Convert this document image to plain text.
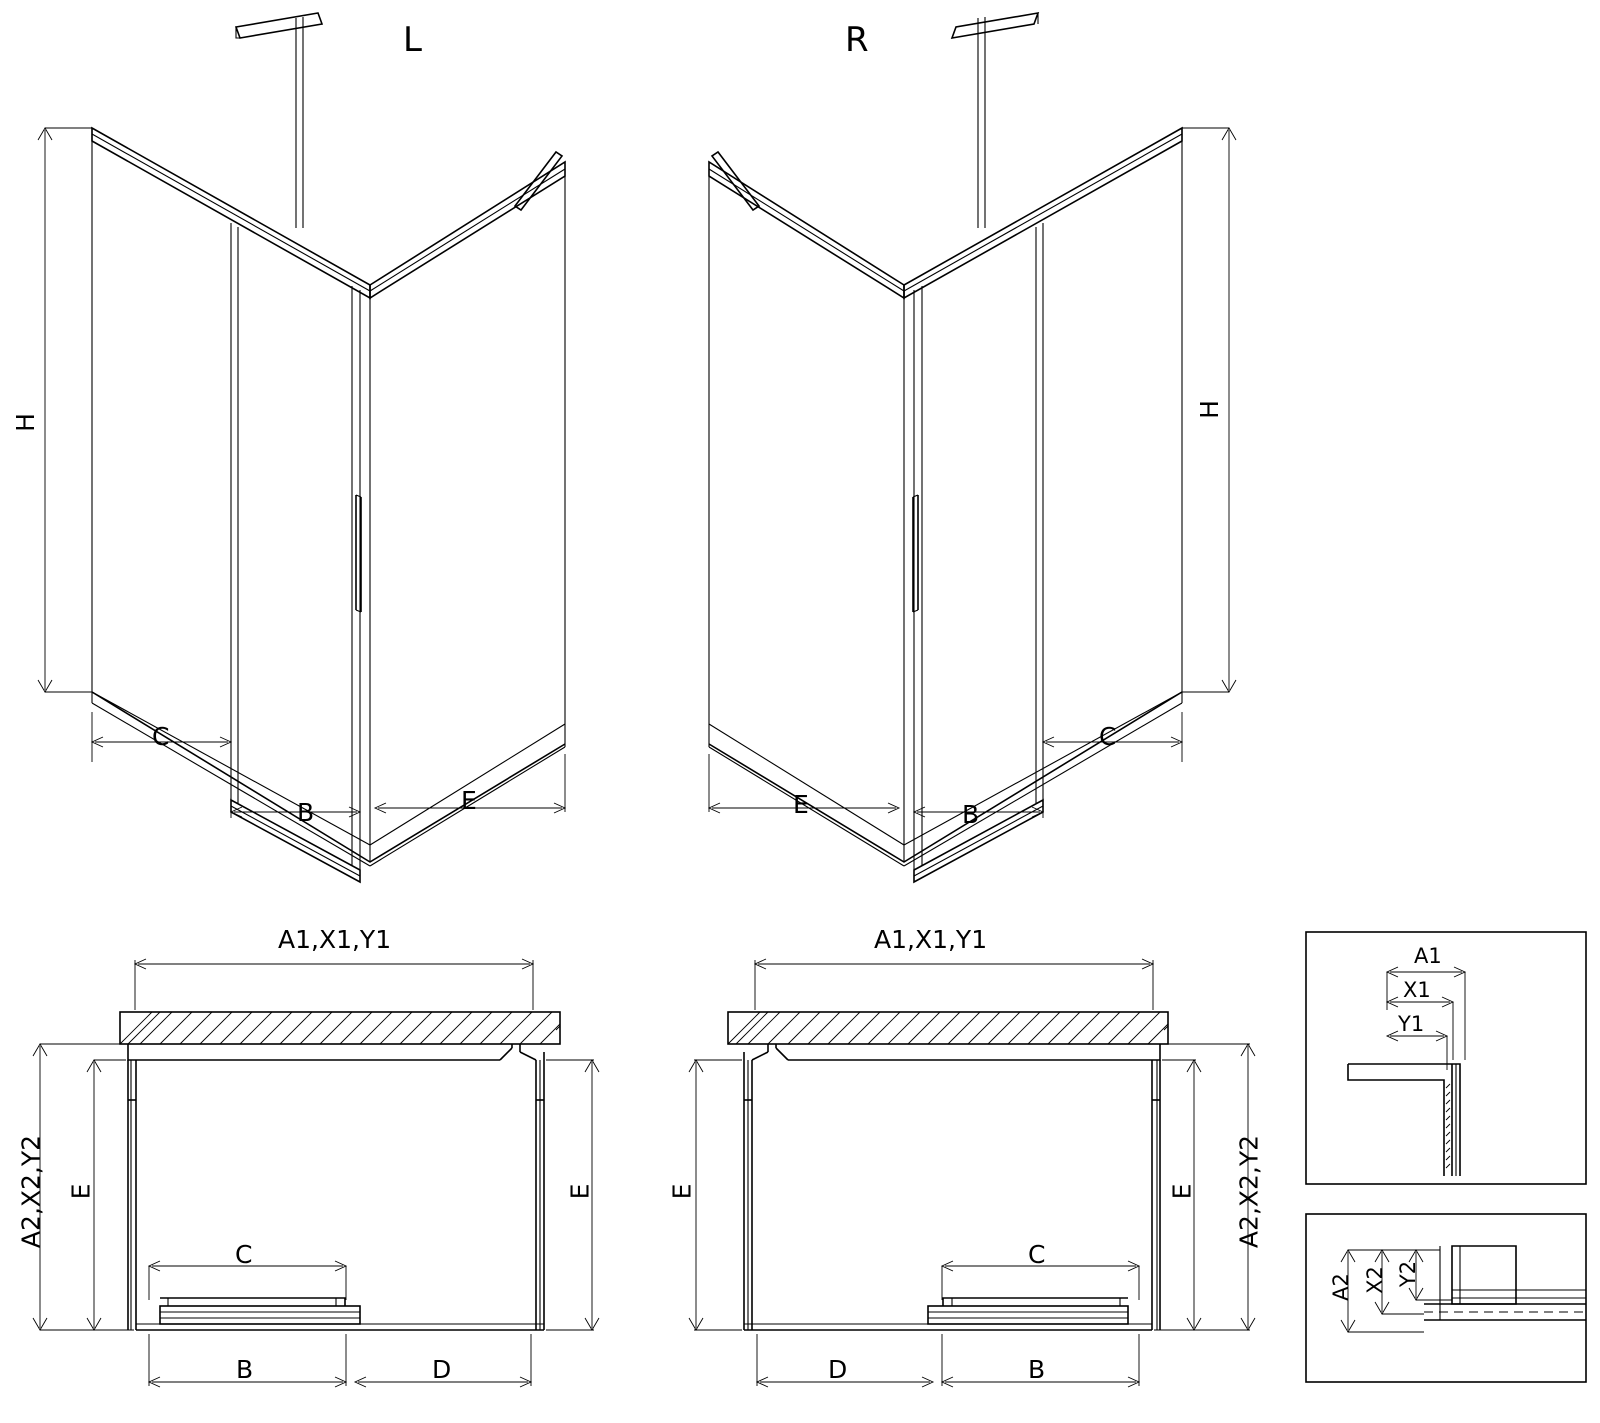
L	R
H
H
C
B	E	E	B
C
A1,X1,Y1	A1,X1,Y1
A2,X2,Y2	A2,X2,Y2
E	E	E	E
C	C
B	D	D	B
A1
X1
Y1
A2 X2 Y2
